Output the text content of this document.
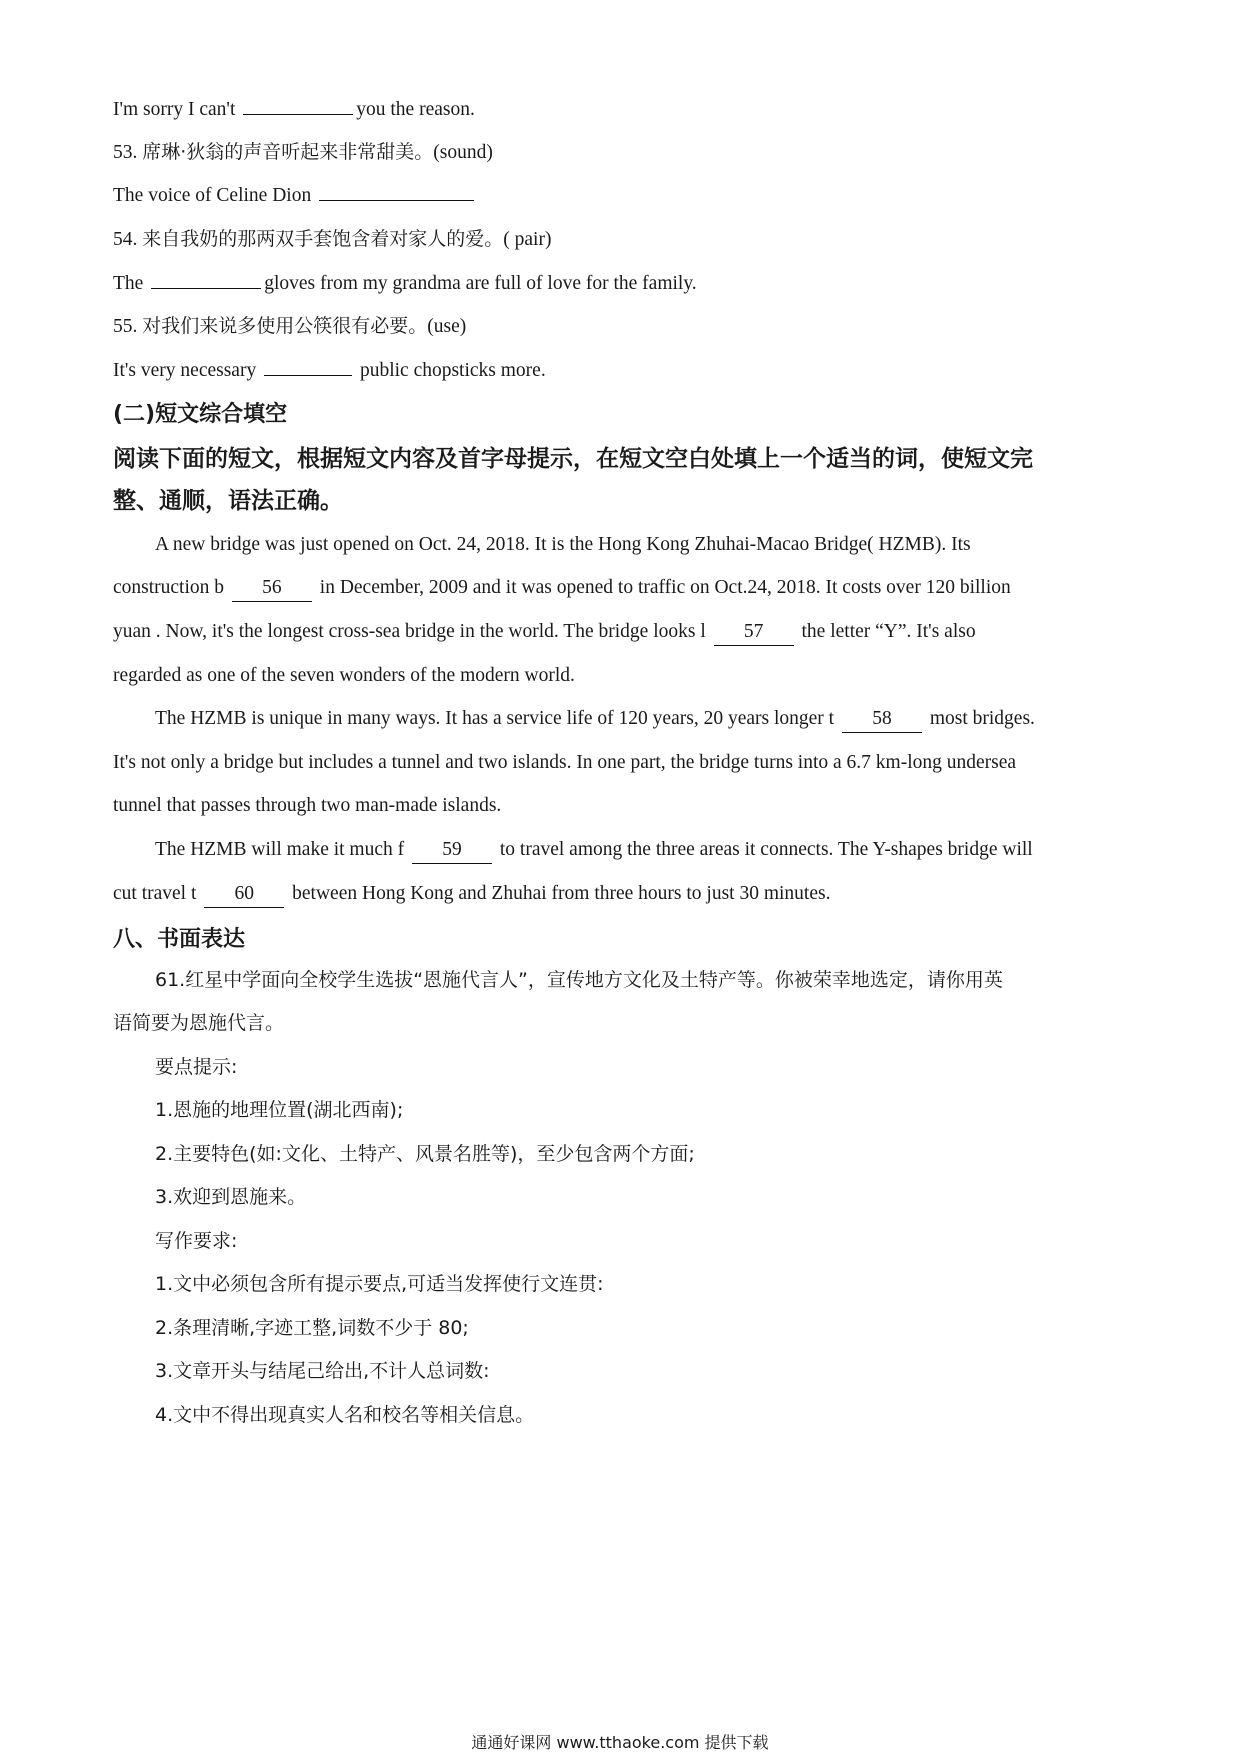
I'm sorry I can't	you the reason.
53. 席琳·狄翁的声音听起来非常甜美。(sound)
The voice of Celine Dion
54. 来自我奶的那两双手套饱含着对家人的爱。( pair)
The	gloves from my grandma are full of love for the family.
55. 对我们来说多使用公筷很有必要。(use)
It's very necessary	public chopsticks more.
(二)短文综合填空
阅读下面的短文，根据短文内容及首字母提示，在短文空白处填上一个适当的词，使短文完
整、通顺，语法正确。
A new bridge was just opened on Oct. 24, 2018. It is the Hong Kong Zhuhai-Macao Bridge( HZMB). Its
construction b 56 in December, 2009 and it was opened to traffic on Oct.24, 2018. It costs over 120 billion
yuan . Now, it's the longest cross-sea bridge in the world. The bridge looks l 57 the letter “Y”. It's also
regarded as one of the seven wonders of the modern world.
The HZMB is unique in many ways. It has a service life of 120 years, 20 years longer t 58 most bridges.
It's not only a bridge but includes a tunnel and two islands. In one part, the bridge turns into a 6.7 km-long undersea
tunnel that passes through two man-made islands.
The HZMB will make it much f 59 to travel among the three areas it connects. The Y-shapes bridge will
cut travel t 60 between Hong Kong and Zhuhai from three hours to just 30 minutes.
八、书面表达
61.红星中学面向全校学生选拔“恩施代言人”，宣传地方文化及土特产等。你被荣幸地选定，请你用英
语简要为恩施代言。
要点提示:
1.恩施的地理位置(湖北西南);
2.主要特色(如:文化、土特产、风景名胜等)，至少包含两个方面;
3.欢迎到恩施来。
写作要求:
1.文中必须包含所有提示要点,可适当发挥使行文连贯:
2.条理清晰,字迹工整,词数不少于 80;
3.文章开头与结尾己给出,不计人总词数:
4.文中不得出现真实人名和校名等相关信息。
通通好课网 www.tthaoke.com 提供下载
